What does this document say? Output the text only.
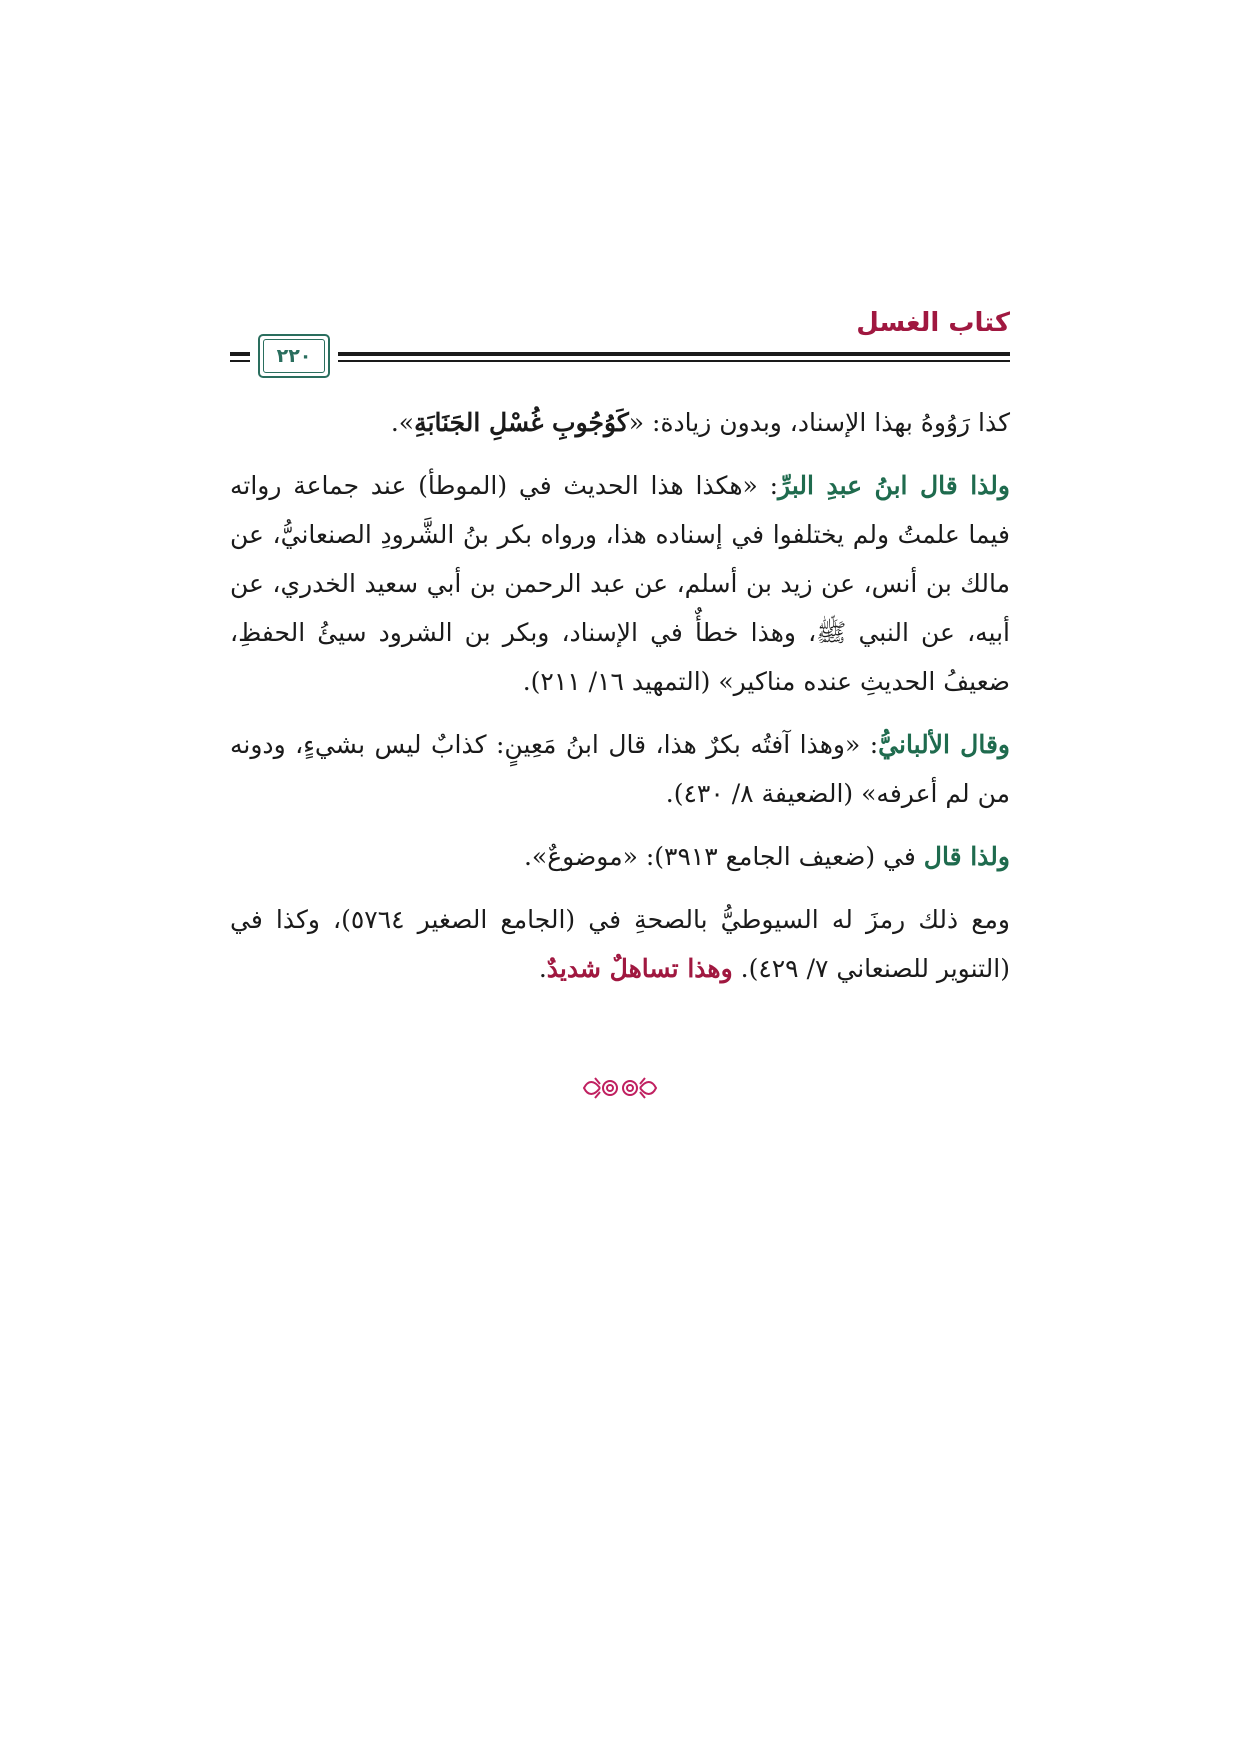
كتاب الغسل
٢٢٠

كذا رَوُوهُ بهذا الإسناد، وبدون زيادة: «كَوُجُوبِ غُسْلِ الجَنَابَةِ».

ولذا قال ابنُ عبدِ البرِّ: «هكذا هذا الحديث في (الموطأ) عند جماعة رواته فيما علمتُ ولم يختلفوا في إسناده هذا، ورواه بكر بنُ الشَّرودِ الصنعانيُّ، عن مالك بن أنس، عن زيد بن أسلم، عن عبد الرحمن بن أبي سعيد الخدري، عن أبيه، عن النبي ﷺ، وهذا خطأٌ في الإسناد، وبكر بن الشرود سيئُ الحفظِ، ضعيفُ الحديثِ عنده مناكير» (التمهيد ١٦/ ٢١١).

وقال الألبانيُّ: «وهذا آفتُه بكرٌ هذا، قال ابنُ مَعِينٍ: كذابٌ ليس بشيءٍ، ودونه من لم أعرفه» (الضعيفة ٨/ ٤٣٠).

ولذا قال في (ضعيف الجامع ٣٩١٣): «موضوعٌ».

ومع ذلك رمزَ له السيوطيُّ بالصحةِ في (الجامع الصغير ٥٧٦٤)، وكذا في (التنوير للصنعاني ٧/ ٤٢٩). وهذا تساهلٌ شديدٌ.
